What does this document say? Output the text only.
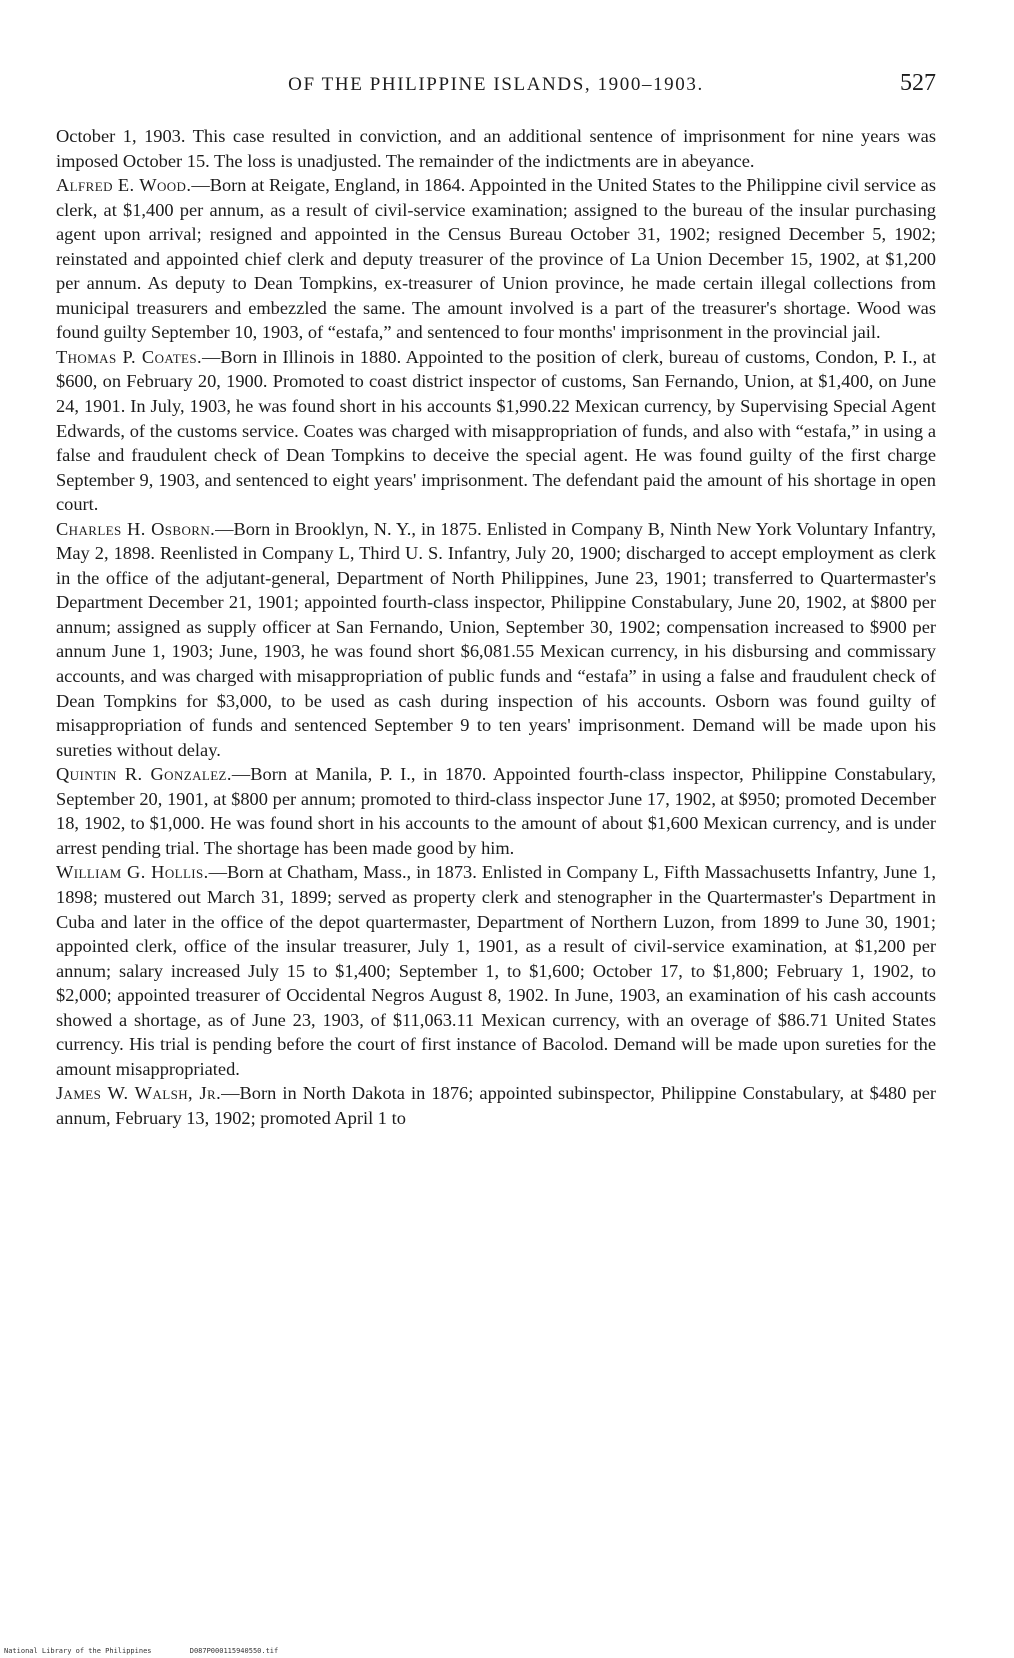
OF THE PHILIPPINE ISLANDS, 1900–1903.	527

October 1, 1903. This case resulted in conviction, and an additional sentence of imprisonment for nine years was imposed October 15. The loss is unadjusted. The remainder of the indictments are in abeyance.

Alfred E. Wood.—Born at Reigate, England, in 1864. Appointed in the United States to the Philippine civil service as clerk, at $1,400 per annum, as a result of civil-service examination; assigned to the bureau of the insular purchasing agent upon arrival; resigned and appointed in the Census Bureau October 31, 1902; resigned December 5, 1902; reinstated and appointed chief clerk and deputy treasurer of the province of La Union December 15, 1902, at $1,200 per annum. As deputy to Dean Tompkins, ex-treasurer of Union province, he made certain illegal collections from municipal treasurers and embezzled the same. The amount involved is a part of the treasurer's shortage. Wood was found guilty September 10, 1903, of “estafa,” and sentenced to four months' imprisonment in the provincial jail.

Thomas P. Coates.—Born in Illinois in 1880. Appointed to the position of clerk, bureau of customs, Condon, P. I., at $600, on February 20, 1900. Promoted to coast district inspector of customs, San Fernando, Union, at $1,400, on June 24, 1901. In July, 1903, he was found short in his accounts $1,990.22 Mexican currency, by Supervising Special Agent Edwards, of the customs service. Coates was charged with misappropriation of funds, and also with “estafa,” in using a false and fraudulent check of Dean Tompkins to deceive the special agent. He was found guilty of the first charge September 9, 1903, and sentenced to eight years' imprisonment. The defendant paid the amount of his shortage in open court.

Charles H. Osborn.—Born in Brooklyn, N. Y., in 1875. Enlisted in Company B, Ninth New York Voluntary Infantry, May 2, 1898. Reenlisted in Company L, Third U. S. Infantry, July 20, 1900; discharged to accept employment as clerk in the office of the adjutant-general, Department of North Philippines, June 23, 1901; transferred to Quartermaster's Department December 21, 1901; appointed fourth-class inspector, Philippine Constabulary, June 20, 1902, at $800 per annum; assigned as supply officer at San Fernando, Union, September 30, 1902; compensation increased to $900 per annum June 1, 1903; June, 1903, he was found short $6,081.55 Mexican currency, in his disbursing and commissary accounts, and was charged with misappropriation of public funds and “estafa” in using a false and fraudulent check of Dean Tompkins for $3,000, to be used as cash during inspection of his accounts. Osborn was found guilty of misappropriation of funds and sentenced September 9 to ten years' imprisonment. Demand will be made upon his sureties without delay.

Quintin R. Gonzalez.—Born at Manila, P. I., in 1870. Appointed fourth-class inspector, Philippine Constabulary, September 20, 1901, at $800 per annum; promoted to third-class inspector June 17, 1902, at $950; promoted December 18, 1902, to $1,000. He was found short in his accounts to the amount of about $1,600 Mexican currency, and is under arrest pending trial. The shortage has been made good by him.

William G. Hollis.—Born at Chatham, Mass., in 1873. Enlisted in Company L, Fifth Massachusetts Infantry, June 1, 1898; mustered out March 31, 1899; served as property clerk and stenographer in the Quartermaster's Department in Cuba and later in the office of the depot quartermaster, Department of Northern Luzon, from 1899 to June 30, 1901; appointed clerk, office of the insular treasurer, July 1, 1901, as a result of civil-service examination, at $1,200 per annum; salary increased July 15 to $1,400; September 1, to $1,600; October 17, to $1,800; February 1, 1902, to $2,000; appointed treasurer of Occidental Negros August 8, 1902. In June, 1903, an examination of his cash accounts showed a shortage, as of June 23, 1903, of $11,063.11 Mexican currency, with an overage of $86.71 United States currency. His trial is pending before the court of first instance of Bacolod. Demand will be made upon sureties for the amount misappropriated.

James W. Walsh, Jr.—Born in North Dakota in 1876; appointed subinspector, Philippine Constabulary, at $480 per annum, February 13, 1902; promoted April 1 to

National Library of the Philippines	D087P000115940550.tif
